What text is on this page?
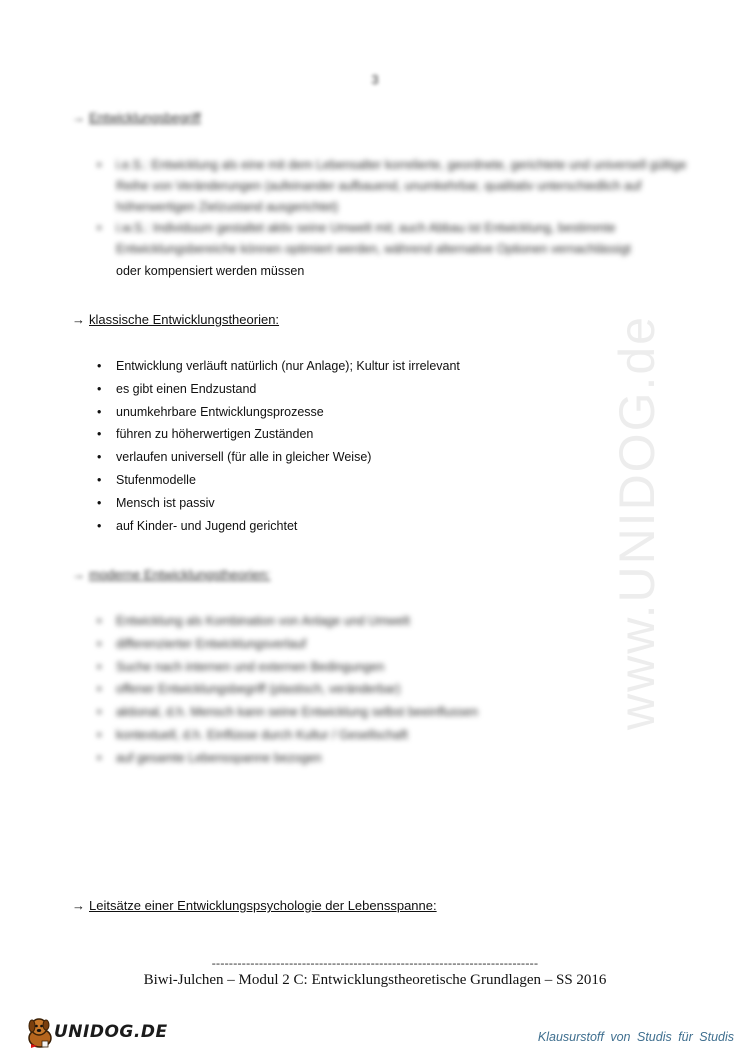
3
→ Entwicklungsbegriff
• i.e.S.: Entwicklung als eine mit dem Lebensalter korrelierte, geordnete, gerichtete und universell gültige Reihe von Veränderungen (aufeinander aufbauend, unumkehrbar, qualitativ unterschiedlich auf höherwertigen Zielzustand ausgerichtet)
• i.w.S.: Individuum gestaltet aktiv seine Umwelt mit; auch Abbau ist Entwicklung, bestimmte Entwicklungsbereiche können optimiert werden, während alternative Optionen vernachlässigt
oder kompensiert werden müssen
→ klassische Entwicklungstheorien:
• Entwicklung verläuft natürlich (nur Anlage); Kultur ist irrelevant
• es gibt einen Endzustand
• unumkehrbare Entwicklungsprozesse
• führen zu höherwertigen Zuständen
• verlaufen universell (für alle in gleicher Weise)
• Stufenmodelle
• Mensch ist passiv
• auf Kinder- und Jugend gerichtet
→ moderne Entwicklungstheorien:
• Entwicklung als Kombination von Anlage und Umwelt
• differenzierter Entwicklungsverlauf
• Suche nach internen und externen Bedingungen
• offener Entwicklungsbegriff (plastisch, veränderbar)
• aktional, d.h. Mensch kann seine Entwicklung selbst beeinflussen
• kontextuell, d.h. Einflüsse durch Kultur / Gesellschaft
• auf gesamte Lebensspanne bezogen
→ Leitsätze einer Entwicklungspsychologie der Lebensspanne:
----------------------------------------------------------------------------
Biwi-Julchen – Modul 2 C: Entwicklungstheoretische Grundlagen – SS 2016
www.UNIDOG.de
UNIDOG.DE	Klausurstoff von Studis für Studis
